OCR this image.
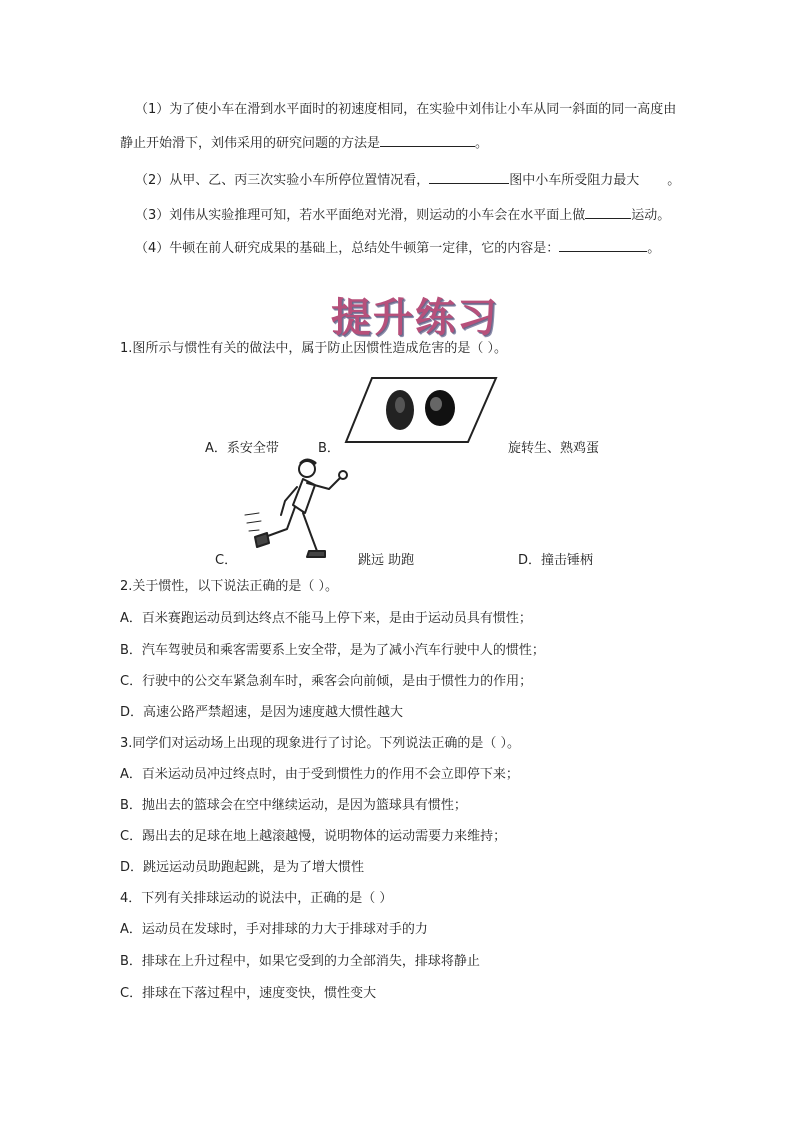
（1）为了使小车在滑到水平面时的初速度相同，在实验中刘伟让小车从同一斜面的同一高度由
静止开始滑下，刘伟采用的研究问题的方法是	。
（2）从甲、乙、丙三次实验小车所停位置情况看，	图中小车所受阻力最大 。
（3）刘伟从实验推理可知，若水平面绝对光滑，则运动的小车会在水平面上做	运动。
（4）牛顿在前人研究成果的基础上，总结处牛顿第一定律，它的内容是：	。
提升练习
1.图所示与惯性有关的做法中，属于防止因惯性造成危害的是（ ）。
A．系安全带	B．	旋转生、熟鸡蛋
C．	跳远 助跑	D．撞击锤柄
2.关于惯性，以下说法正确的是（ ）。
A．百米赛跑运动员到达终点不能马上停下来，是由于运动员具有惯性；
B．汽车驾驶员和乘客需要系上安全带，是为了减小汽车行驶中人的惯性；
C．行驶中的公交车紧急刹车时，乘客会向前倾，是由于惯性力的作用；
D．高速公路严禁超速，是因为速度越大惯性越大
3.同学们对运动场上出现的现象进行了讨论。下列说法正确的是（ ）。
A．百米运动员冲过终点时，由于受到惯性力的作用不会立即停下来；
B．抛出去的篮球会在空中继续运动，是因为篮球具有惯性；
C．踢出去的足球在地上越滚越慢，说明物体的运动需要力来维持；
D．跳远运动员助跑起跳，是为了增大惯性
4．下列有关排球运动的说法中，正确的是（ ）
A．运动员在发球时，手对排球的力大于排球对手的力
B．排球在上升过程中，如果它受到的力全部消失，排球将静止
C．排球在下落过程中，速度变快，惯性变大
